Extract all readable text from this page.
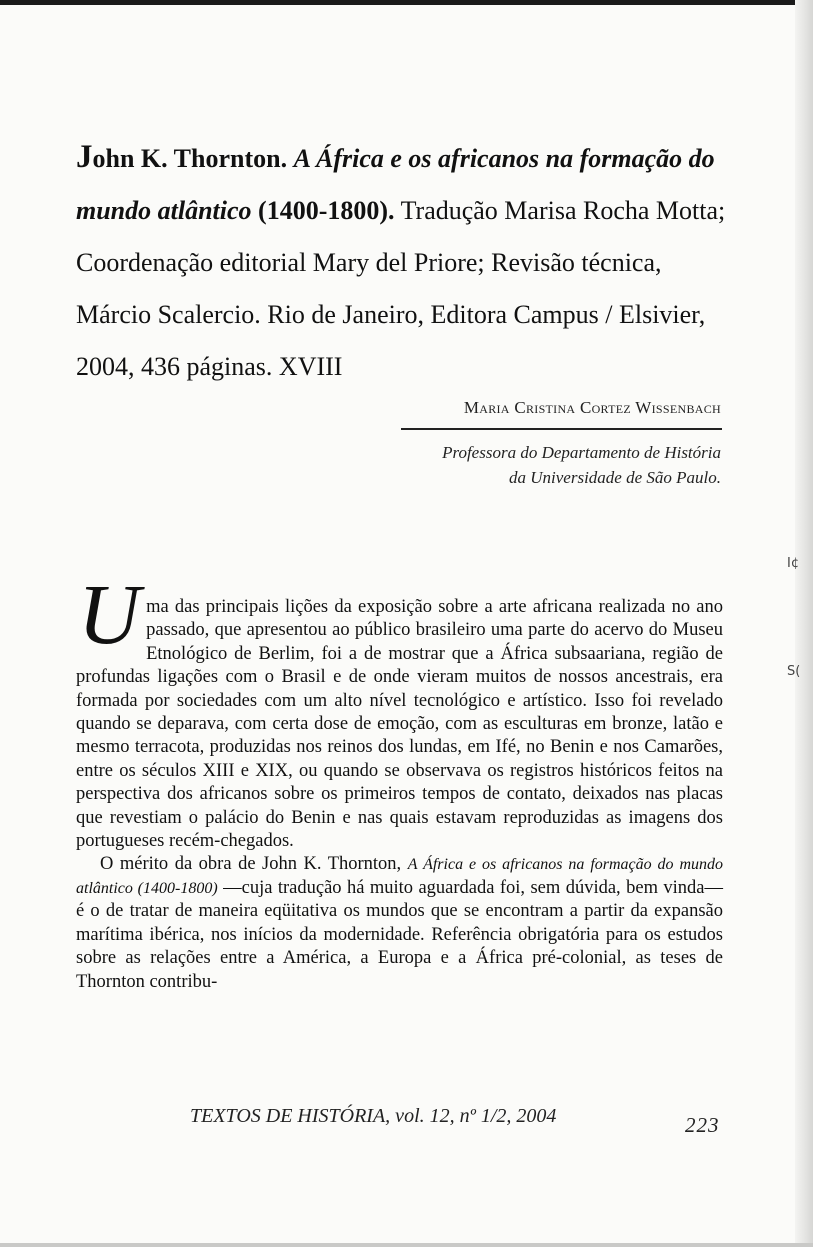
John K. Thornton. A África e os africanos na formação do mundo atlântico (1400-1800). Tradução Marisa Rocha Motta; Coordenação editorial Mary del Priore; Revisão técnica, Márcio Scalercio. Rio de Janeiro, Editora Campus / Elsivier, 2004, 436 páginas. XVIII
Maria Cristina Cortez Wissenbach
Professora do Departamento de História
da Universidade de São Paulo.

Uma das principais lições da exposição sobre a arte africana realizada no ano passado, que apresentou ao público brasileiro uma parte do acervo do Museu Etnológico de Berlim, foi a de mostrar que a África subsaariana, região de profundas ligações com o Brasil e de onde vieram muitos de nossos ancestrais, era formada por sociedades com um alto nível tecnológico e artístico. Isso foi revelado quando se deparava, com certa dose de emoção, com as esculturas em bronze, latão e mesmo terracota, produzidas nos reinos dos lundas, em Ifé, no Benin e nos Camarões, entre os séculos XIII e XIX, ou quando se observava os registros históricos feitos na perspectiva dos africanos sobre os primeiros tempos de contato, deixados nas placas que revestiam o palácio do Benin e nas quais estavam reproduzidas as imagens dos portugueses recém-chegados.

O mérito da obra de John K. Thornton, A África e os africanos na formação do mundo atlântico (1400-1800) —cuja tradução há muito aguardada foi, sem dúvida, bem vinda— é o de tratar de maneira eqüitativa os mundos que se encontram a partir da expansão marítima ibérica, nos inícios da modernidade. Referência obrigatória para os estudos sobre as relações entre a América, a Europa e a África pré-colonial, as teses de Thornton contribu-

TEXTOS DE HISTÓRIA, vol. 12, nº 1/2, 2004	223
I¢
S(
